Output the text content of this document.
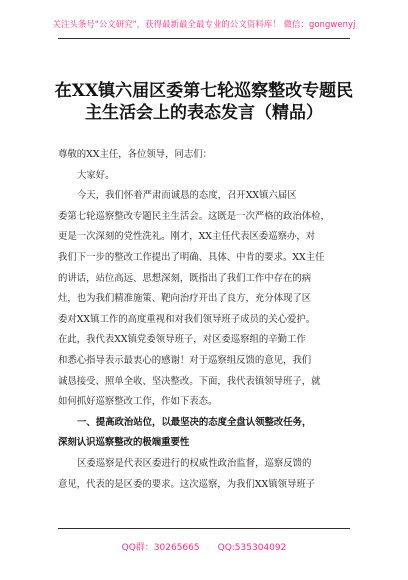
关注头条号"公文研究"，获得最新最全最专业的公文资料库！ 微信：gongwenyj
在XX镇六届区委第七轮巡察整改专题民
主生活会上的表态发言（精品）
尊敬的XX主任，各位领导，同志们：
大家好。
今天，我们怀着严肃而诚恳的态度，召开XX镇六届区
委第七轮巡察整改专题民主生活会。这既是一次严格的政治体检，
更是一次深刻的党性洗礼。刚才，XX主任代表区委巡察办，对
我们下一步的整改工作提出了明确、具体、中肯的要求。XX主任
的讲话，站位高远、思想深刻，既指出了我们工作中存在的病
灶，也为我们精准施策、靶向治疗开出了良方，充分体现了区
委对XX镇工作的高度重视和对我们领导班子成员的关心爱护。
在此，我代表XX镇党委领导班子，对区委巡察组的辛勤工作
和悉心指导表示最衷心的感谢！对于巡察组反馈的意见，我们
诚恳接受、照单全收、坚决整改。下面，我代表镇领导班子，就
如何抓好巡察整改工作，作如下表态。
一、提高政治站位，以最坚决的态度全盘认领整改任务，
深刻认识巡察整改的极端重要性
区委巡察是代表区委进行的权威性政治监督，巡察反馈的
意见，代表的是区委的要求。这次巡察，为我们XX镇领导班子
QQ群：30265665 QQ:535304092
